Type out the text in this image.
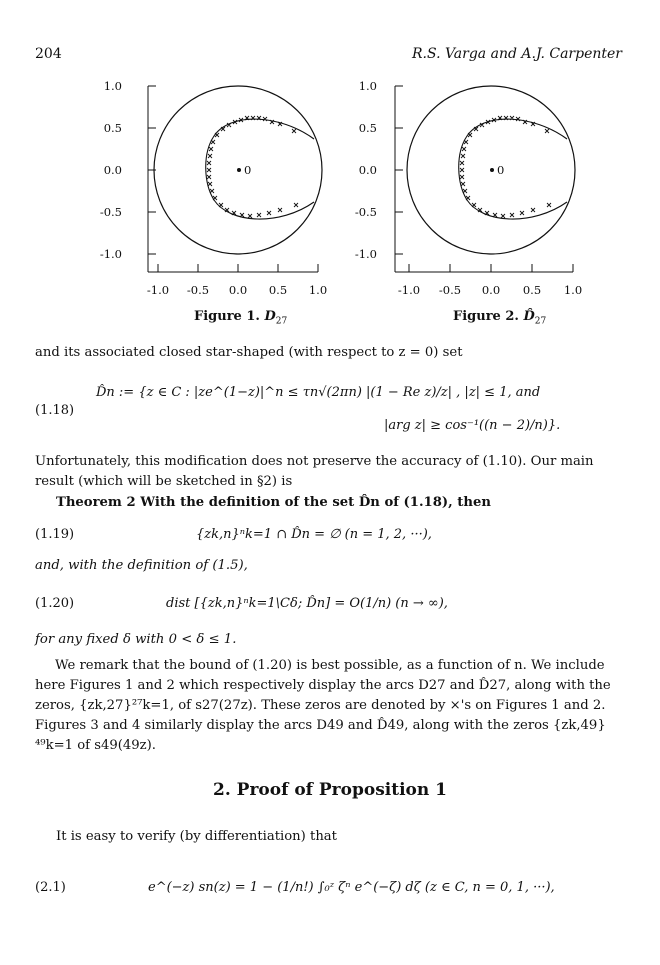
204	R.S. Varga and A.J. Carpenter
1.0
0.5
0.0
-0.5
-1.0
-1.0 -0.5 0.0 0.5 1.0
0
Figure 1. $D_{27}$
1.0
0.5
0.0
-0.5
-1.0
-1.0 -0.5 0.0 0.5 1.0
0
Figure 2. $D̂_{27}$
and its associated closed star-shaped (with respect to z = 0) set
(1.18)
D̂n := {z ∈ C : |ze^(1−z)|^n ≤ τn√(2πn) |(1 − Re z)/z| , |z| ≤ 1, and
|arg z| ≥ cos⁻¹((n − 2)/n)}.
Unfortunately, this modification does not preserve the accuracy of (1.10). Our main result (which will be sketched in §2) is
Theorem 2 With the definition of the set D̂n of (1.18), then
(1.19)	{zk,n}ⁿk=1 ∩ D̂n = ∅ (n = 1, 2, ···),
and, with the definition of (1.5),
(1.20)	dist [{zk,n}ⁿk=1\Cδ; D̂n] = O(1/n) (n → ∞),
for any fixed δ with 0 < δ ≤ 1.
We remark that the bound of (1.20) is best possible, as a function of n. We include here Figures 1 and 2 which respectively display the arcs D27 and D̂27, along with the zeros, {zk,27}²⁷k=1, of s27(27z). These zeros are denoted by ×'s on Figures 1 and 2. Figures 3 and 4 similarly display the arcs D49 and D̂49, along with the zeros {zk,49}⁴⁹k=1 of s49(49z).
2. Proof of Proposition 1
It is easy to verify (by differentiation) that
(2.1)	e^(−z) sn(z) = 1 − (1/n!) ∫₀ᶻ ζⁿ e^(−ζ) dζ (z ∈ C, n = 0, 1, ···),
